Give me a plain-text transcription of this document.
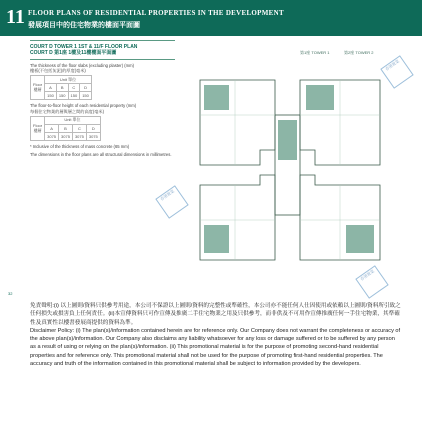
11 FLOOR PLANS OF RESIDENTIAL PROPERTIES IN THE DEVELOPMENT
發展項目中的住宅物業的樓面平面圖
第1座 TOWER 1	第2座 TOWER 2
COURT D TOWER 1 1ST & 11/F FLOOR PLAN
COURT D 第1座 1樓及11樓樓面平面圖
The thickness of the floor slabs (excluding plaster) (mm)
樓板(不包括灰泥)的厚度(毫米)
Floor
樓層	Unit 單位			
	A	B	C	D
	150	150	150	150
The floor-to-floor height of each residential property (mm)
每個住宅物業的層與層之間的高度(毫米)
Floor
樓層	Unit 單位			
	A	B	C	D
	3075	3075	3075	3075
* Inclusive of the thickness of mass concrete (65 mm)
The dimensions in the floor plans are all structural dimensions in millimetres.
香港置業
香港置業
香港置業
32

免責聲明:(i) 以上圖則/資料只供參考用途，本公司不保證以上圖則/資料的完整性或準確性，本公司亦不能任何人仕因使用或依賴以上圖則/資料所引致之任何損失或損害負上任何責任。(ii)本宣傳資料只可作宣傳及推廣二手住宅物業之用及只供參考，而非供及不可用作宣傳推廣任何一手住宅物業，其準確性及真實性以樓書發展商提供的資料為準。

Disclaimer Policy: (i) The plan(s)/information contained herein are for reference only. Our Company does not warrant the completeness or accuracy of the above plan(s)/information. Our Company also disclaims any liability whatsoever for any loss or damage suffered or to be suffered by any person as a result of using or relying on the plan(s)/information. (ii) This promotional material is for the purpose of promoting second-hand residential properties and for reference only. This promotional material shall not be used for the purpose of promoting first-hand residential properties. The accuracy and truth of the information contained in this promotional material shall be subject to information provided by the developers.
